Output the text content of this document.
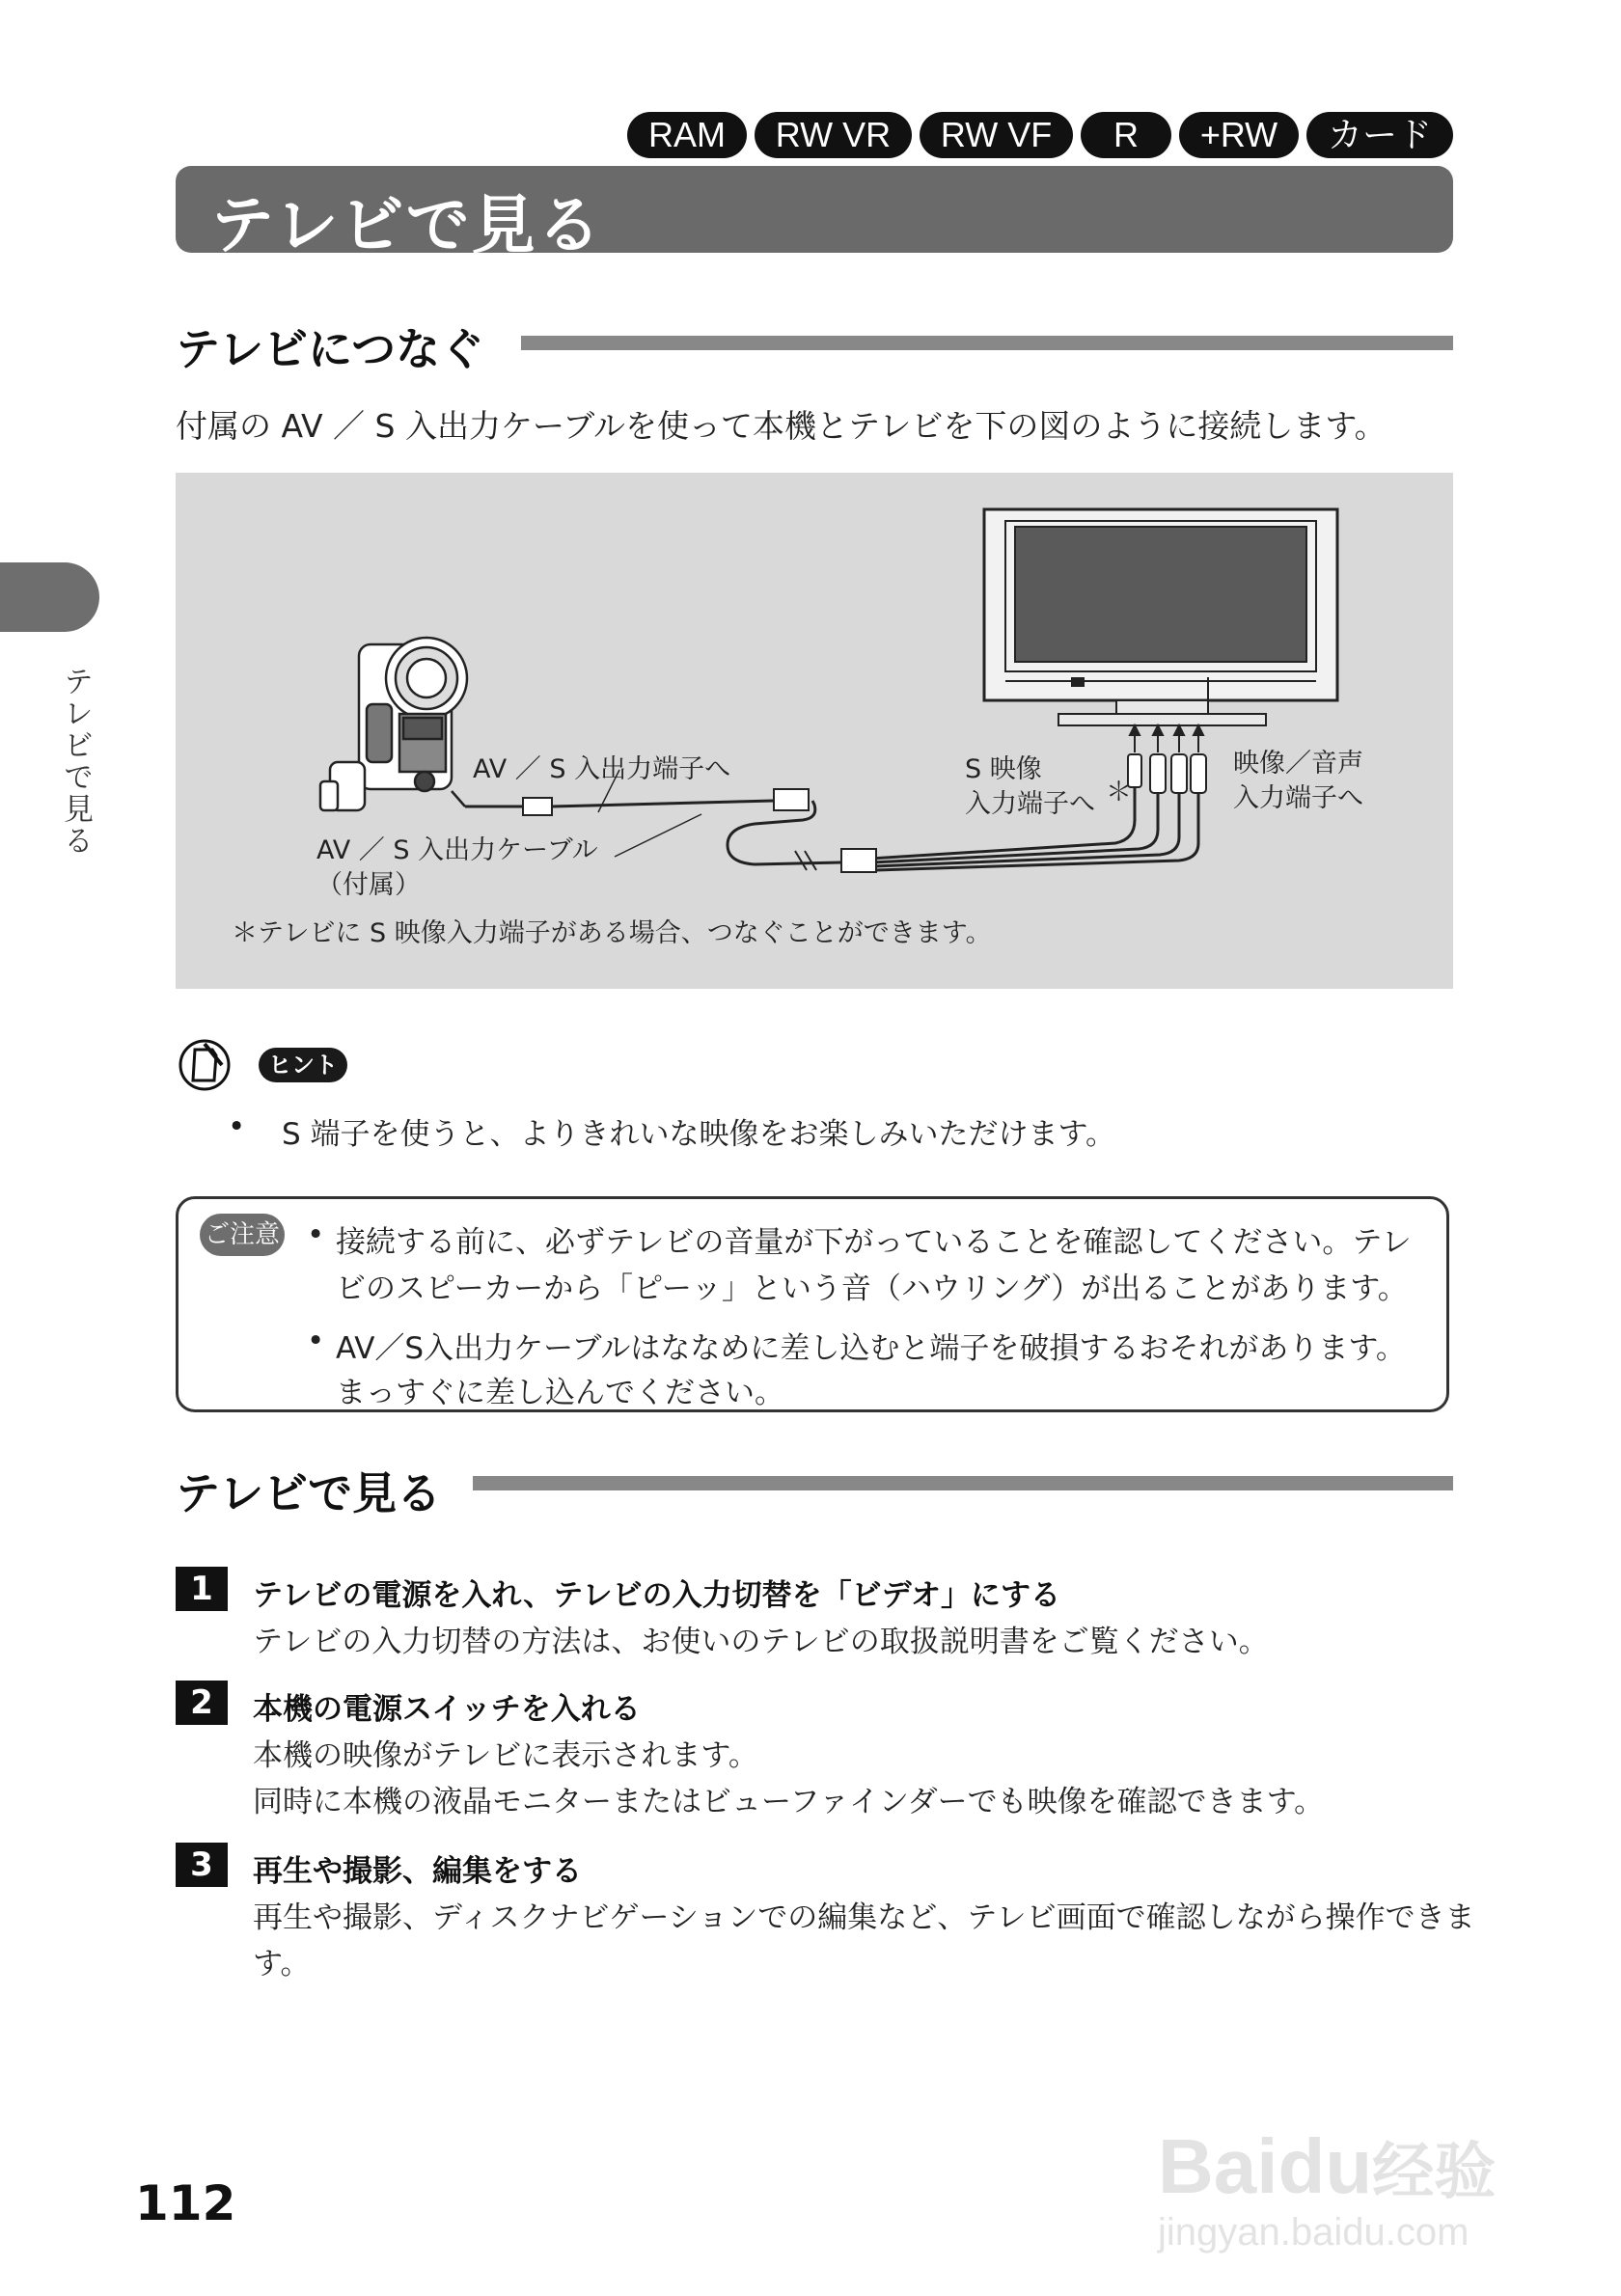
RAM	RW VR	RW VF	R	+RW	カード
テレビで見る
テレビで見る
テレビにつなぐ
付属の AV ／ S 入出力ケーブルを使って本機とテレビを下の図のように接続します。
AV ／ S 入出力端子へ
AV ／ S 入出力ケーブル
（付属）
S 映像
入力端子へ ＊
映像／音声
入力端子へ
＊テレビに S 映像入力端子がある場合、つなぐことができます。
ヒント
• S 端子を使うと、よりきれいな映像をお楽しみいただけます。
ご注意 • 接続する前に、必ずテレビの音量が下がっていることを確認してください。テレ
ビのスピーカーから「ピーッ」という音（ハウリング）が出ることがあります。
• AV／S入出力ケーブルはななめに差し込むと端子を破損するおそれがあります。
まっすぐに差し込んでください。
テレビで見る
1	テレビの電源を入れ、テレビの入力切替を「ビデオ」にする
テレビの入力切替の方法は、お使いのテレビの取扱説明書をご覧ください。
2	本機の電源スイッチを入れる
本機の映像がテレビに表示されます。
同時に本機の液晶モニターまたはビューファインダーでも映像を確認できます。
3	再生や撮影、編集をする
再生や撮影、ディスクナビゲーションでの編集など、テレビ画面で確認しながら操作できま
す。
112	Baidu经验
jingyan.baidu.com
